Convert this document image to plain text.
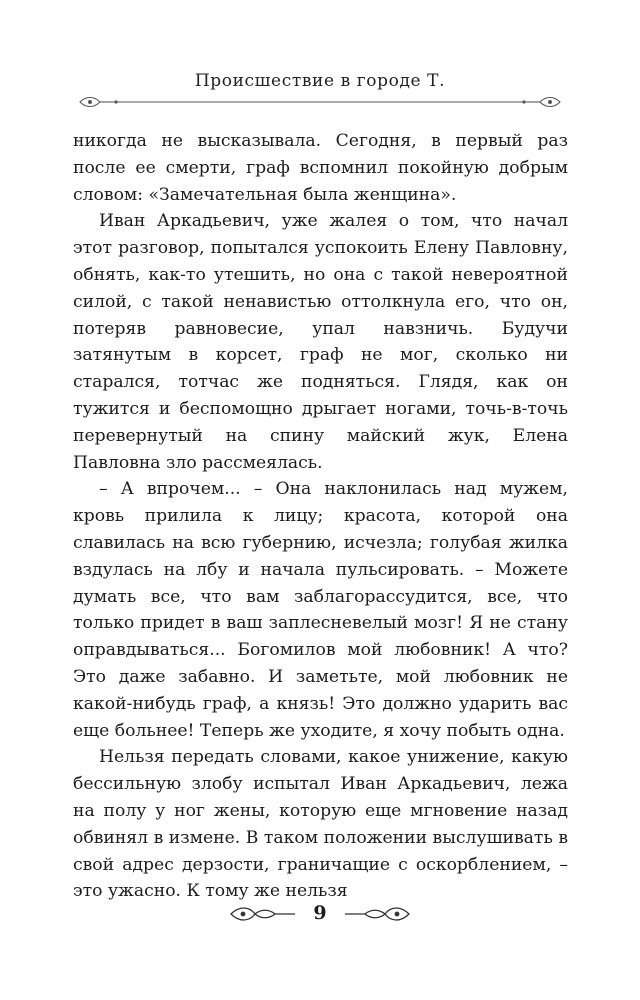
Происшествие в городе Т.

никогда не высказывала. Сегодня, в первый раз после ее смерти, граф вспомнил покойную добрым словом: «Замечательная была женщина».

Иван Аркадьевич, уже жалея о том, что начал этот разговор, попытался успокоить Елену Павловну, обнять, как-то утешить, но она с такой невероятной силой, с такой ненавистью оттолкнула его, что он, потеряв равновесие, упал навзничь. Будучи затянутым в корсет, граф не мог, сколько ни старался, тотчас же подняться. Глядя, как он тужится и беспомощно дрыгает ногами, точь-в-точь перевернутый на спину майский жук, Елена Павловна зло рассмеялась.

– А впрочем... – Она наклонилась над мужем, кровь прилила к лицу; красота, которой она славилась на всю губернию, исчезла; голубая жилка вздулась на лбу и начала пульсировать. – Можете думать все, что вам заблагорассудится, все, что только придет в ваш заплесневелый мозг! Я не стану оправдываться... Богомилов мой любовник! А что? Это даже забавно. И заметьте, мой любовник не какой-нибудь граф, а князь! Это должно ударить вас еще больнее! Теперь же уходите, я хочу побыть одна.

Нельзя передать словами, какое унижение, какую бессильную злобу испытал Иван Аркадьевич, лежа на полу у ног жены, которую еще мгновение назад обвинял в измене. В таком положении выслушивать в свой адрес дерзости, граничащие с оскорблением, – это ужасно. К тому же нельзя

9
